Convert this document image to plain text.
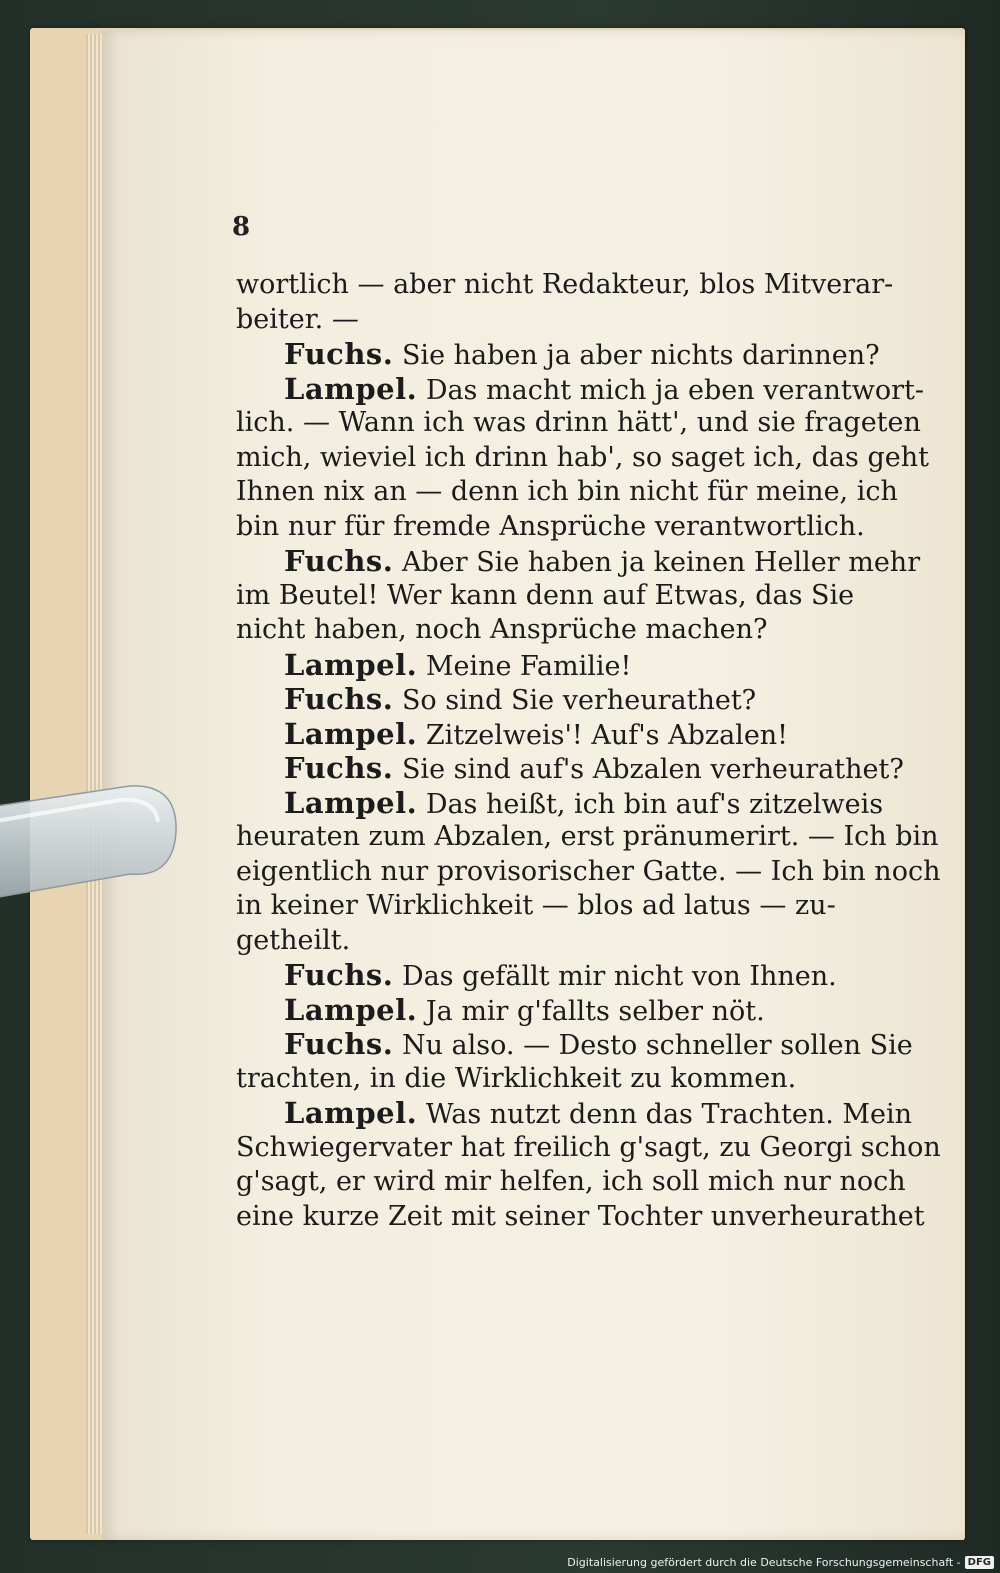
8
wortlich — aber nicht Redakteur, blos Mitverar-
beiter. —
Fuchs. Sie haben ja aber nichts darinnen?
Lampel. Das macht mich ja eben verantwort-
lich. — Wann ich was drinn hätt', und sie frageten
mich, wieviel ich drinn hab', so saget ich, das geht
Ihnen nix an — denn ich bin nicht für meine, ich
bin nur für fremde Ansprüche verantwortlich.
Fuchs. Aber Sie haben ja keinen Heller mehr
im Beutel! Wer kann denn auf Etwas, das Sie
nicht haben, noch Ansprüche machen?
Lampel. Meine Familie!
Fuchs. So sind Sie verheurathet?
Lampel. Zitzelweis'! Auf's Abzalen!
Fuchs. Sie sind auf's Abzalen verheurathet?
Lampel. Das heißt, ich bin auf's zitzelweis
heuraten zum Abzalen, erst pränumerirt. — Ich bin
eigentlich nur provisorischer Gatte. — Ich bin noch
in keiner Wirklichkeit — blos ad latus — zu-
getheilt.
Fuchs. Das gefällt mir nicht von Ihnen.
Lampel. Ja mir g'fallts selber nöt.
Fuchs. Nu also. — Desto schneller sollen Sie
trachten, in die Wirklichkeit zu kommen.
Lampel. Was nutzt denn das Trachten. Mein
Schwiegervater hat freilich g'sagt, zu Georgi schon
g'sagt, er wird mir helfen, ich soll mich nur noch
eine kurze Zeit mit seiner Tochter unverheurathet
Digitalisierung gefördert durch die Deutsche Forschungsgemeinschaft - DFG
